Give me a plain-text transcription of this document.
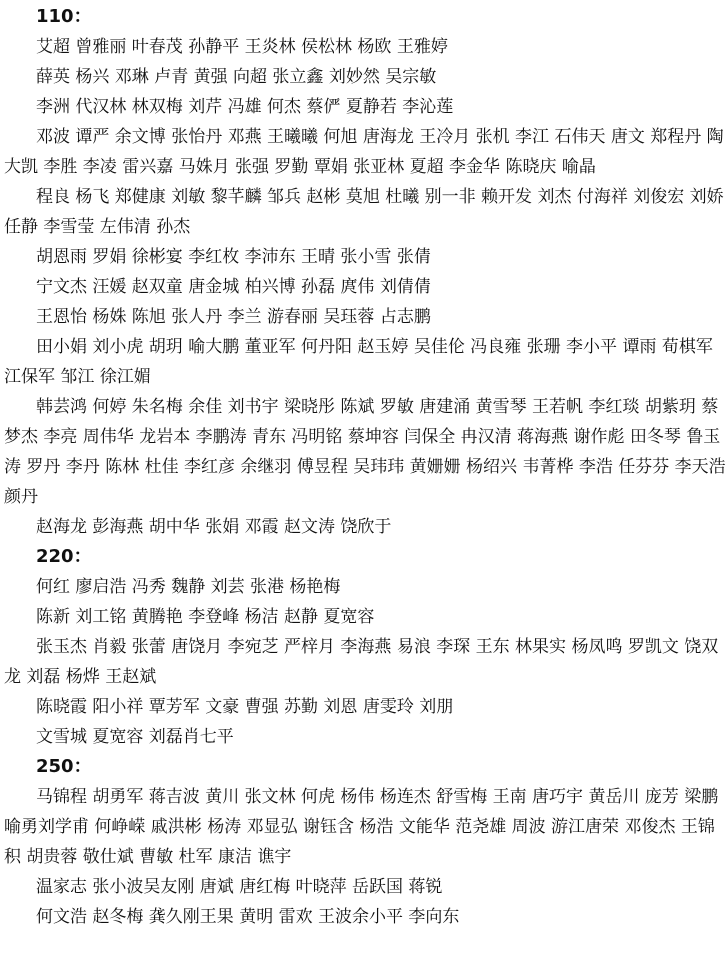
110：

艾超 曾雅丽 叶春茂 孙静平 王炎林 侯松林 杨欧 王雅婷

薛英 杨兴 邓琳 卢青 黄强 向超 张立鑫 刘妙然 吴宗敏

李洲 代汉林 林双梅 刘芹 冯雄 何杰 蔡俨 夏静若 李沁莲

邓波 谭严 余文博 张怡丹 邓燕 王曦曦 何旭 唐海龙 王冷月 张机 李江 石伟天 唐文 郑程丹 陶大凯 李胜 李凌 雷兴嘉 马姝月 张强 罗勤 覃娟 张亚林 夏超 李金华 陈晓庆 喻晶

程良 杨飞 郑健康 刘敏 黎芊麟 邹兵 赵彬 莫旭 杜曦 别一非 赖开发 刘杰 付海祥 刘俊宏 刘娇 任静 李雪莹 左伟清 孙杰

胡恩雨 罗娟 徐彬宴 李红枚 李沛东 王晴 张小雪 张倩

宁文杰 汪媛 赵双童 唐金城 柏兴博 孙磊 庹伟 刘倩倩

王恩怡 杨姝 陈旭 张人丹 李兰 游春丽 吴珏蓉 占志鹏

田小娟 刘小虎 胡玥 喻大鹏 董亚军 何丹阳 赵玉婷 吴佳伦 冯良雍 张珊 李小平 谭雨 荀棋军 江保军 邹江 徐江媚

韩芸鸿 何婷 朱名梅 余佳 刘书宇 梁晓彤 陈斌 罗敏 唐建涌 黄雪琴 王若帆 李红琰 胡紫玥 蔡梦杰 李亮 周伟华 龙岩本 李鹏涛 青东 冯明铭 蔡坤容 闫保全 冉汉清 蒋海燕 谢作彪 田冬琴 鲁玉涛 罗丹 李丹 陈林 杜佳 李红彦 余继羽 傅昱程 吴玮玮 黄姗姗 杨绍兴 韦菁桦 李浩 任芬芬 李天浩 颜丹

赵海龙 彭海燕 胡中华 张娟 邓霞 赵文涛 饶欣于

220：

何红 廖启浩 冯秀 魏静 刘芸 张港 杨艳梅

陈新 刘工铭 黄腾艳 李登峰 杨洁 赵静 夏宽容

张玉杰 肖毅 张蕾 唐饶月 李宛芝 严梓月 李海燕 易浪 李琛 王东 林果实 杨凤鸣 罗凯文 饶双龙 刘磊 杨烨 王赵斌

陈晓霞 阳小祥 覃芳军 文豪 曹强 苏勤 刘恩 唐雯玲 刘朋

文雪城 夏宽容 刘磊肖七平

250：

马锦程 胡勇军 蒋吉波 黄川 张文林 何虎 杨伟 杨连杰 舒雪梅 王南 唐巧宇 黄岳川 庞芳 梁鹏 喻勇刘学甫 何峥嵘 戚洪彬 杨涛 邓显弘 谢钰含 杨浩 文能华 范尧雄 周波 游江唐荣 邓俊杰 王锦积 胡贵蓉 敬仕斌 曹敏 杜军 康洁 谯宇

温家志 张小波吴友刚 唐斌 唐红梅 叶晓萍 岳跃国 蒋锐

何文浩 赵冬梅 龚久刚王果 黄明 雷欢 王波余小平 李向东
